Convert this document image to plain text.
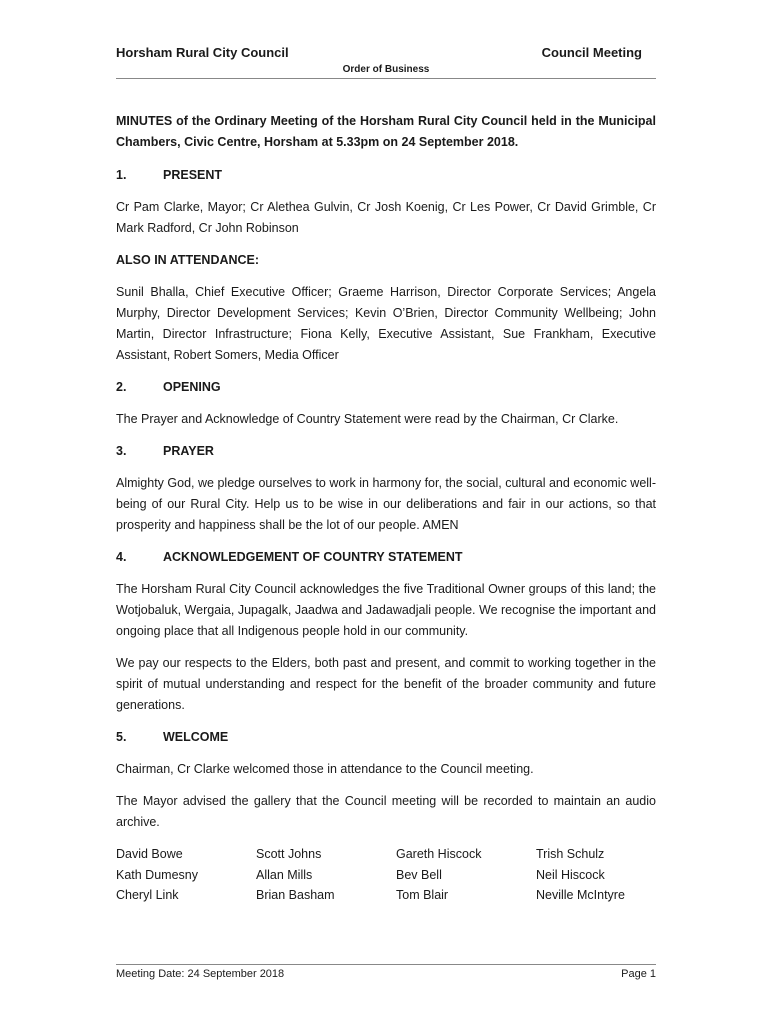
Horsham Rural City Council	Council Meeting
Order of Business

MINUTES of the Ordinary Meeting of the Horsham Rural City Council held in the Municipal Chambers, Civic Centre, Horsham at 5.33pm on 24 September 2018.

1.	PRESENT

Cr Pam Clarke, Mayor; Cr Alethea Gulvin, Cr Josh Koenig, Cr Les Power, Cr David Grimble, Cr Mark Radford, Cr John Robinson

ALSO IN ATTENDANCE:

Sunil Bhalla, Chief Executive Officer; Graeme Harrison, Director Corporate Services; Angela Murphy, Director Development Services; Kevin O’Brien, Director Community Wellbeing; John Martin, Director Infrastructure; Fiona Kelly, Executive Assistant, Sue Frankham, Executive Assistant, Robert Somers, Media Officer

2.	OPENING

The Prayer and Acknowledge of Country Statement were read by the Chairman, Cr Clarke.

3.	PRAYER

Almighty God, we pledge ourselves to work in harmony for, the social, cultural and economic well-being of our Rural City. Help us to be wise in our deliberations and fair in our actions, so that prosperity and happiness shall be the lot of our people. AMEN

4.	ACKNOWLEDGEMENT OF COUNTRY STATEMENT

The Horsham Rural City Council acknowledges the five Traditional Owner groups of this land; the Wotjobaluk, Wergaia, Jupagalk, Jaadwa and Jadawadjali people. We recognise the important and ongoing place that all Indigenous people hold in our community.

We pay our respects to the Elders, both past and present, and commit to working together in the spirit of mutual understanding and respect for the benefit of the broader community and future generations.

5.	WELCOME

Chairman, Cr Clarke welcomed those in attendance to the Council meeting.

The Mayor advised the gallery that the Council meeting will be recorded to maintain an audio archive.

David Bowe	Scott Johns	Gareth Hiscock	Trish Schulz
Kath Dumesny	Allan Mills	Bev Bell	Neil Hiscock
Cheryl Link	Brian Basham	Tom Blair	Neville McIntyre
Meeting Date: 24 September 2018	Page 1
